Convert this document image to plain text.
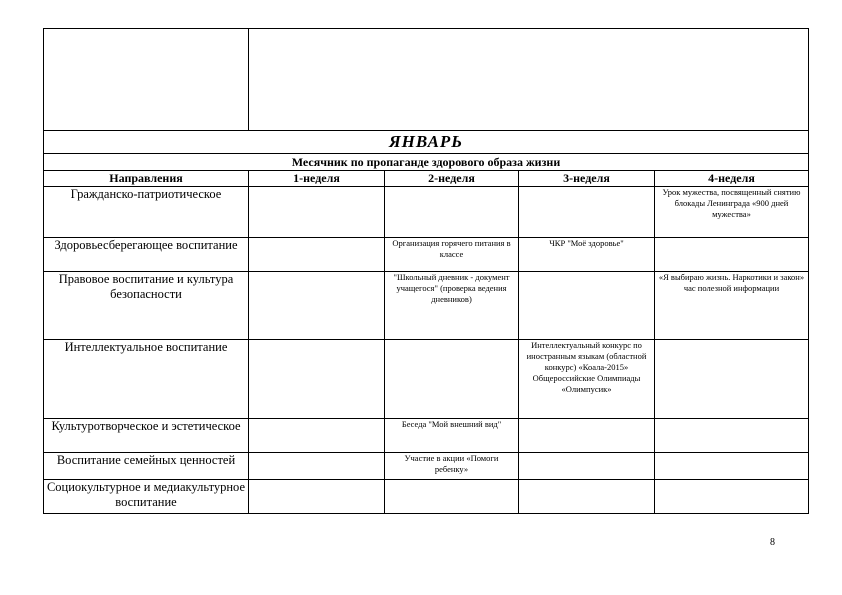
ЯНВАРЬ				
Месячник по пропаганде здорового образа жизни				
Направления	1-неделя	2-неделя	3-неделя	4-неделя
Гражданско-патриотическое				Урок мужества, посвященный снятию блокады Ленинграда «900 дней мужества»
Здоровьесберегающее воспитание		Организация горячего питания в классе	ЧКР "Моё здоровье"	
Правовое воспитание и культура безопасности		"Школьный дневник - документ учащегося" (проверка ведения дневников)		«Я выбираю жизнь. Наркотики и закон» час полезной информации
Интеллектуальное воспитание			Интеллектуальный конкурс по иностранным языкам (областной конкурс) «Коала-2015» Общероссийские Олимпиады «Олимпусик»	
Культуротворческое и эстетическое		Беседа "Мой внешний вид"		
Воспитание семейных ценностей		Участие в акции «Помоги ребенку»		
Социокультурное и медиакультурное воспитание				
8
